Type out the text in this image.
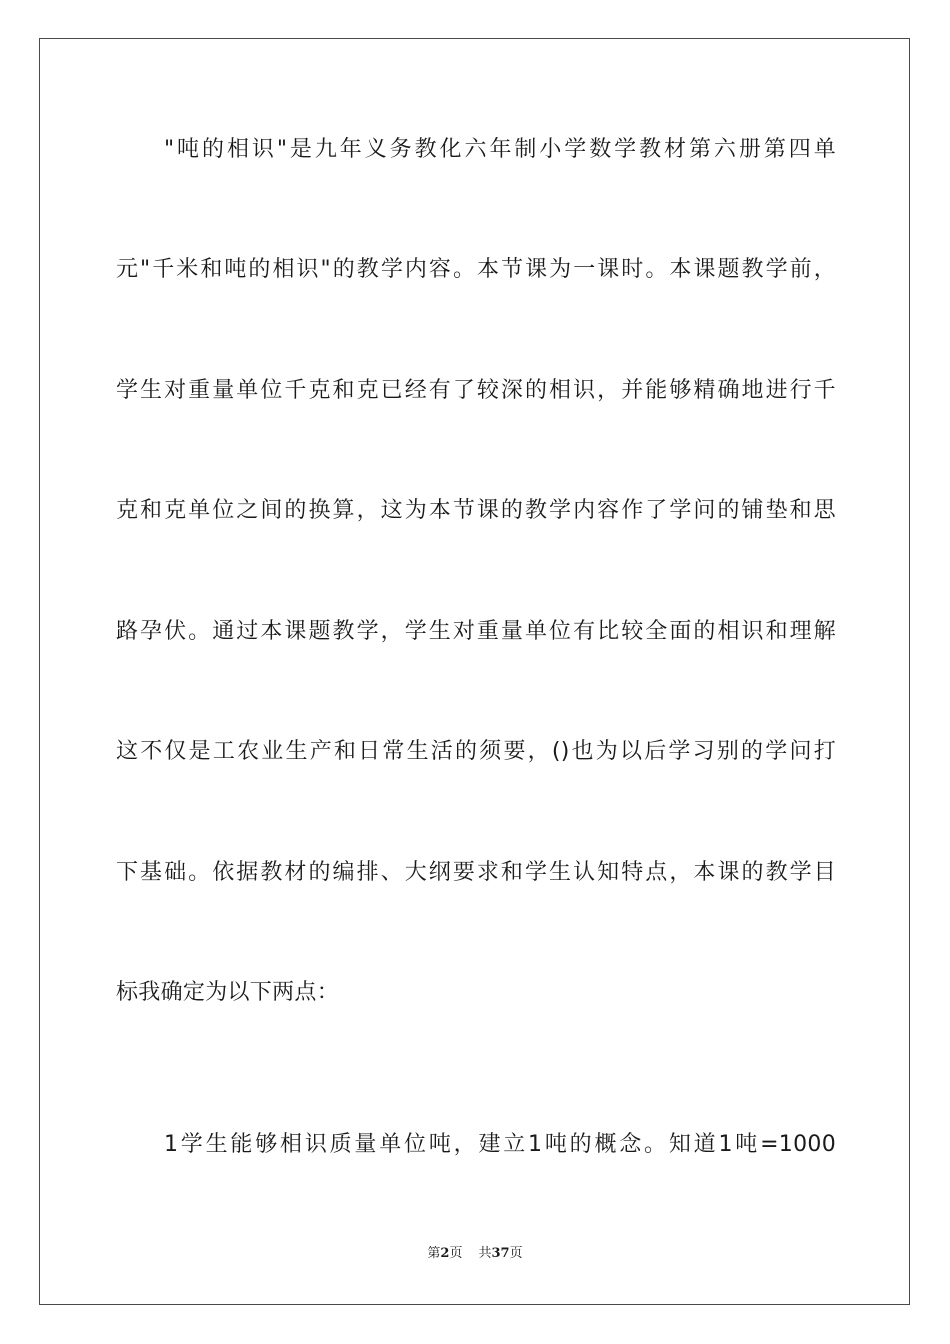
"吨的相识"是九年义务教化六年制小学数学教材第六册第四单
元"千米和吨的相识"的教学内容。本节课为一课时。本课题教学前，
学生对重量单位千克和克已经有了较深的相识，并能够精确地进行千
克和克单位之间的换算，这为本节课的教学内容作了学问的铺垫和思
路孕伏。通过本课题教学，学生对重量单位有比较全面的相识和理解
这不仅是工农业生产和日常生活的须要，()也为以后学习别的学问打
下基础。依据教材的编排、大纲要求和学生认知特点，本课的教学目
标我确定为以下两点：
1学生能够相识质量单位吨，建立1吨的概念。知道1吨=1000
第2页 共37页
